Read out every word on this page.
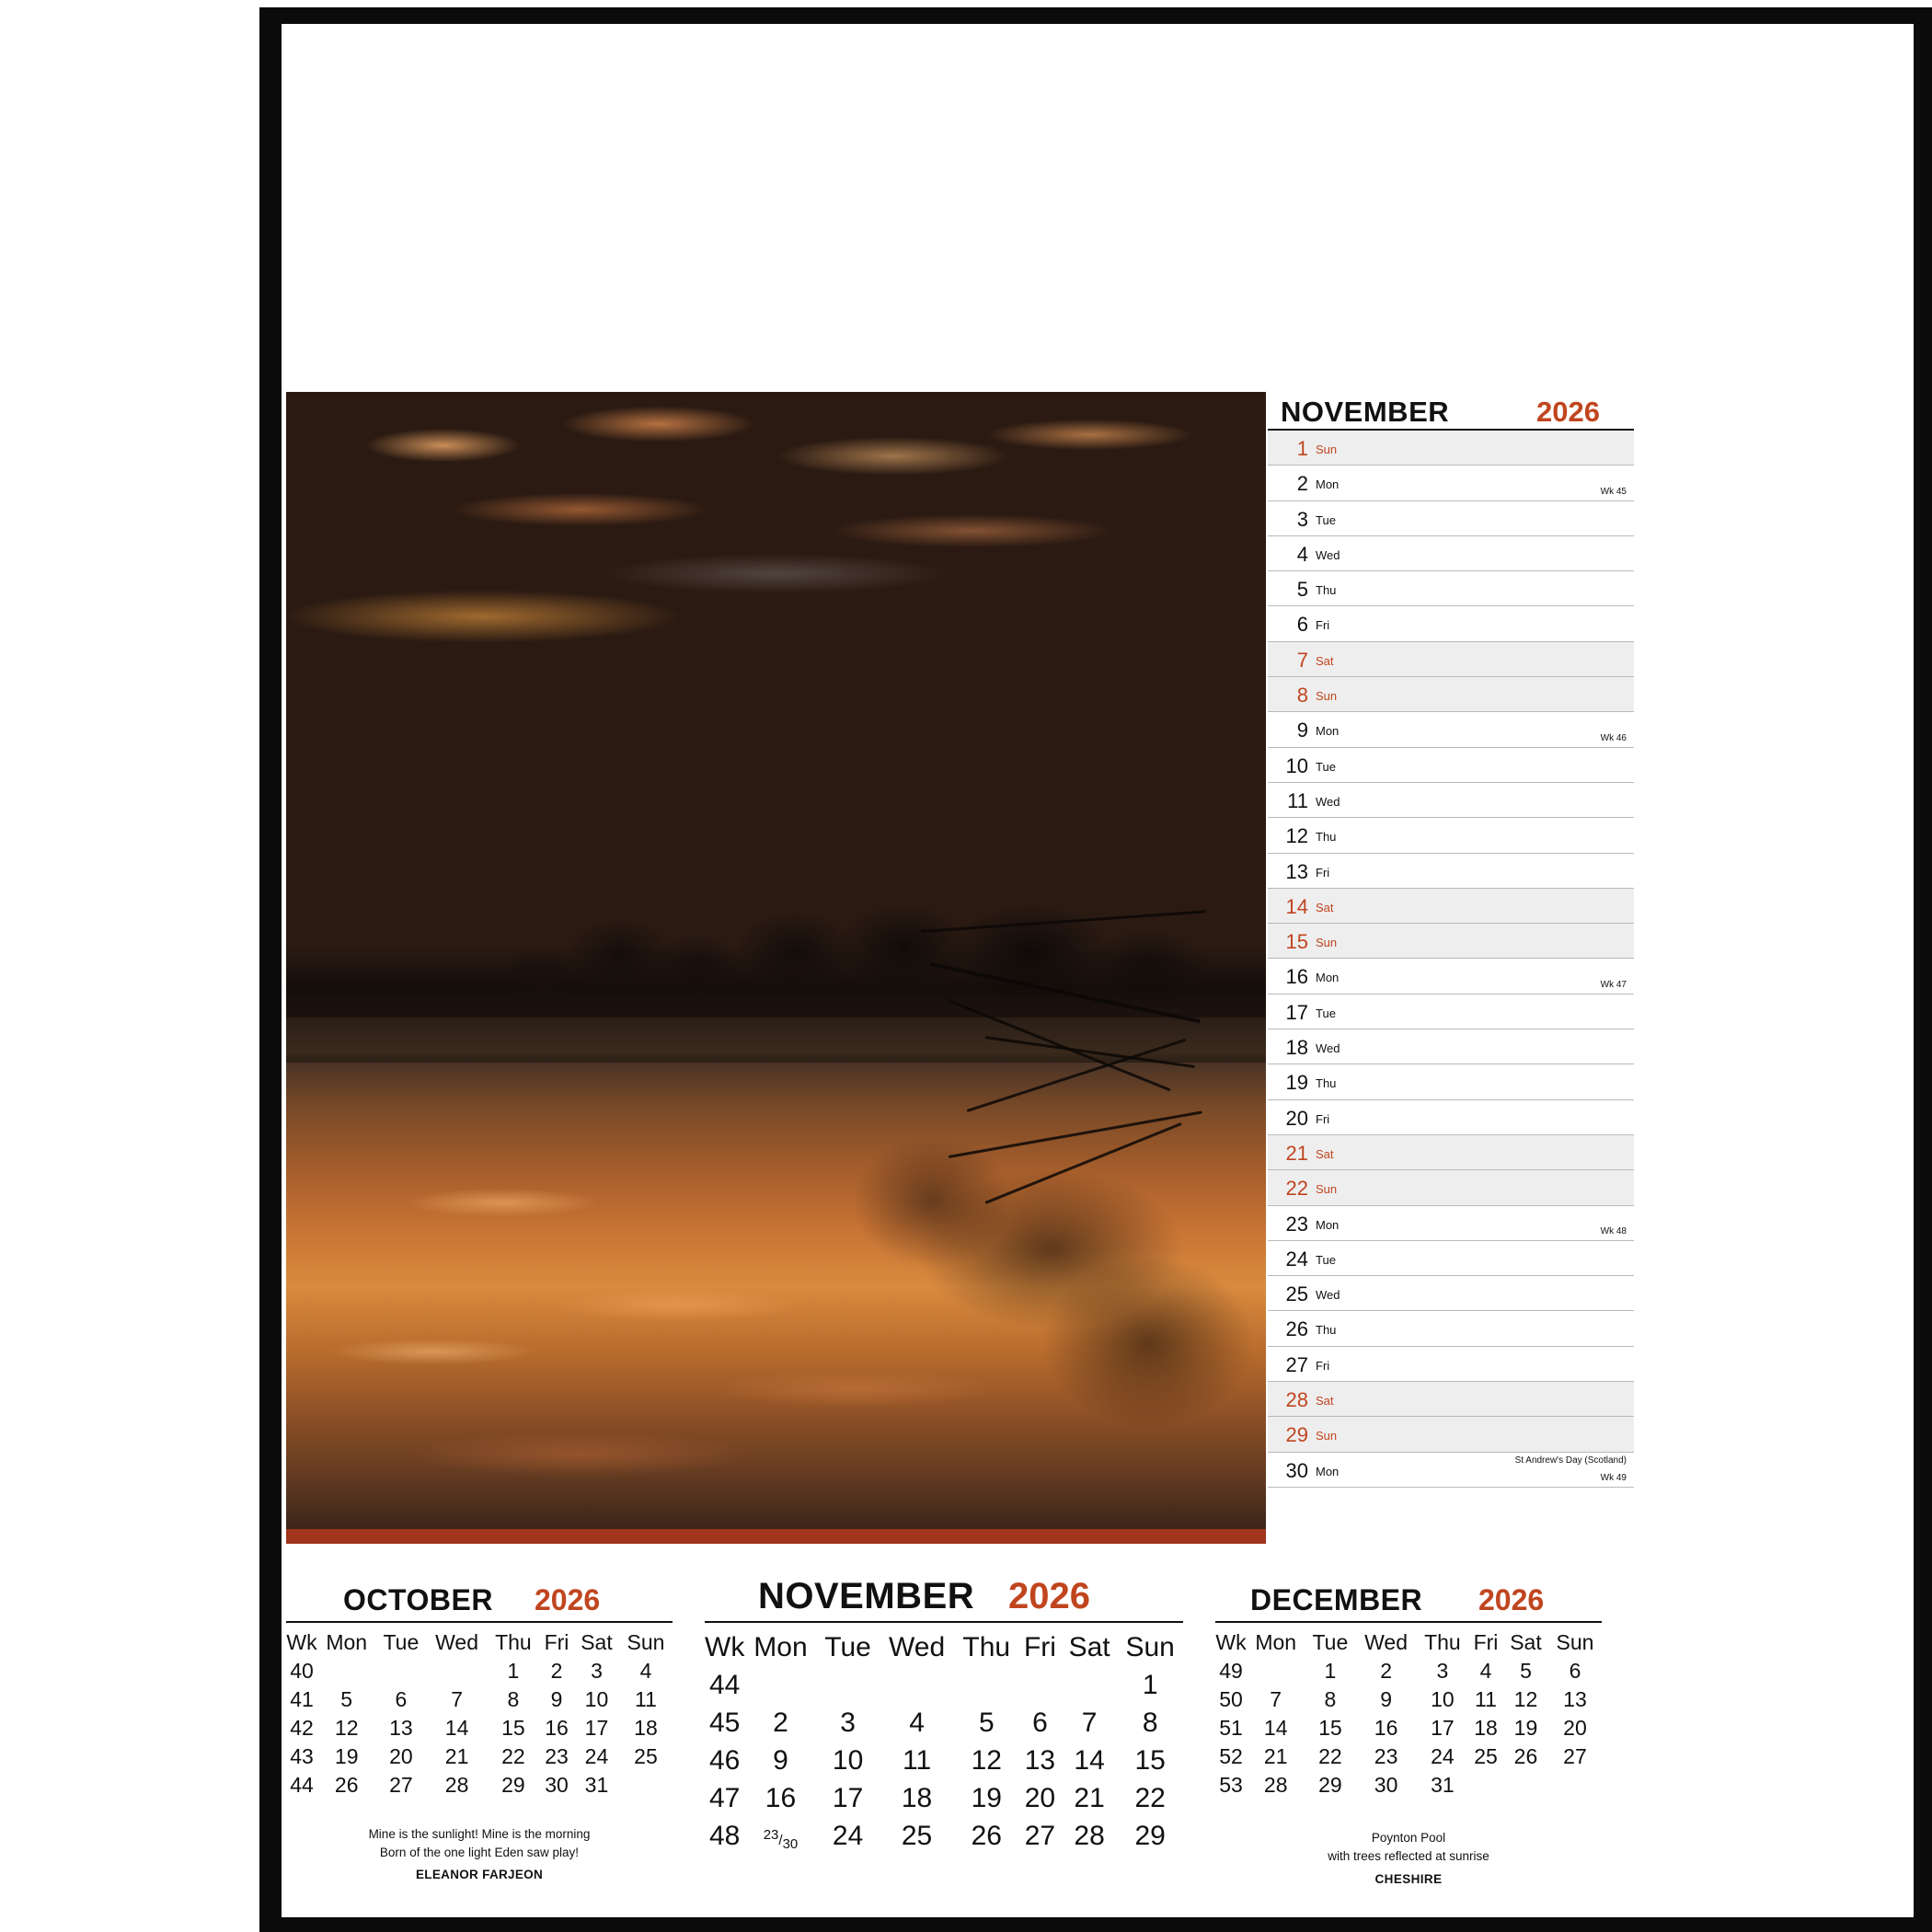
NOVEMBER	2026
1 Sun
2 Mon	Wk 45
3 Tue
4 Wed
5 Thu
6 Fri
7 Sat
8 Sun
9 Mon	Wk 46
10 Tue
11 Wed
12 Thu
13 Fri
14 Sat
15 Sun
16 Mon	Wk 47
17 Tue
18 Wed
19 Thu
20 Fri
21 Sat
22 Sun
23 Mon	Wk 48
24 Tue
25 Wed
26 Thu
27 Fri
28 Sat
29 Sun
30 Mon
St Andrew's Day (Scotland)
Wk 49
OCTOBER 2026
Wk	Mon	Tue	Wed	Thu	Fri	Sat	Sun
40				1	2	3	4
41	5	6	7	8	9	10	11
42	12	13	14	15	16	17	18
43	19	20	21	22	23	24	25
44	26	27	28	29	30	31	
Mine is the sunlight! Mine is the morning
Born of the one light Eden saw play!
ELEANOR FARJEON
NOVEMBER 2026
Wk	Mon	Tue	Wed	Thu	Fri	Sat	Sun
44							1
45	2	3	4	5	6	7	8
46	9	10	11	12	13	14	15
47	16	17	18	19	20	21	22
48	$^{23}/_{30}$	24	25	26	27	28	29
DECEMBER 2026
Wk	Mon	Tue	Wed	Thu	Fri	Sat	Sun
49		1	2	3	4	5	6
50	7	8	9	10	11	12	13
51	14	15	16	17	18	19	20
52	21	22	23	24	25	26	27
53	28	29	30	31			
Poynton Pool
with trees reflected at sunrise
CHESHIRE
